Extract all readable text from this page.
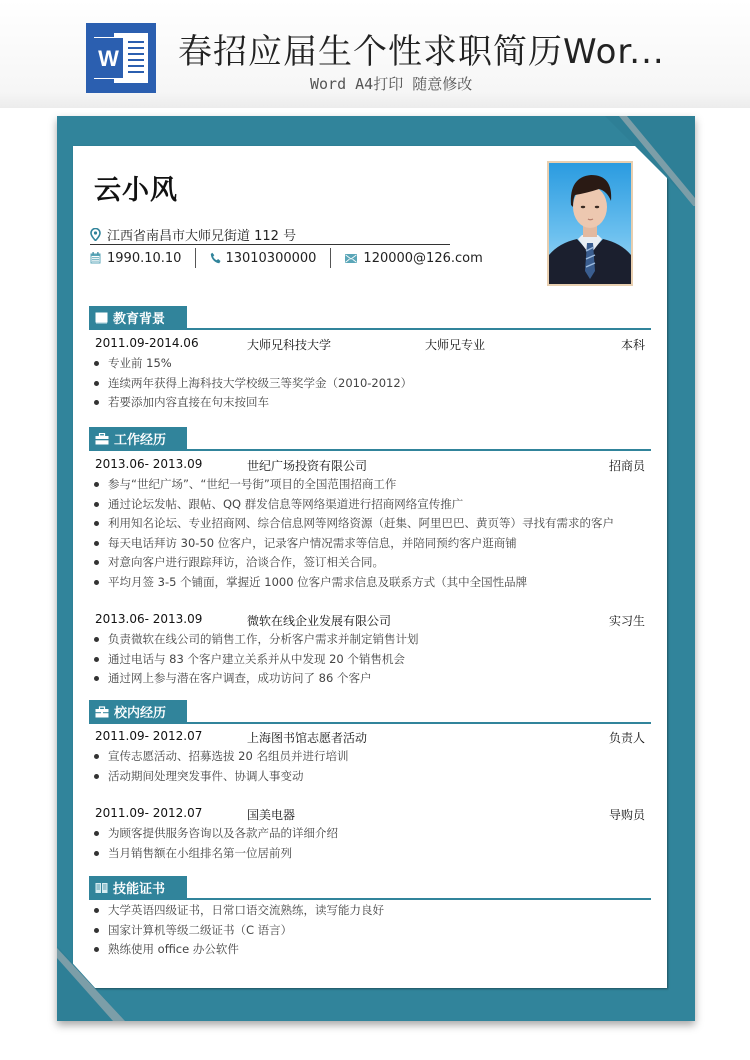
W 春招应届生个性求职简历Wor...
Word A4打印 随意修改
云小风
江西省南昌市大师兄街道 112 号
1990.10.10	13010300000	120000@126.com
教育背景
2011.09-2014.06	大师兄科技大学	大师兄专业	本科
专业前 15%
连续两年获得上海科技大学校级三等奖学金（2010-2012）
若要添加内容直接在句末按回车
工作经历
2013.06- 2013.09	世纪广场投资有限公司	招商员
参与“世纪广场”、“世纪一号街”项目的全国范围招商工作
通过论坛发帖、跟帖、QQ 群发信息等网络渠道进行招商网络宣传推广
利用知名论坛、专业招商网、综合信息网等网络资源（赶集、阿里巴巴、黄页等）寻找有需求的客户
每天电话拜访 30-50 位客户，记录客户情况需求等信息，并陪同预约客户逛商铺
对意向客户进行跟踪拜访，洽谈合作，签订相关合同。
平均月签 3-5 个铺面，掌握近 1000 位客户需求信息及联系方式（其中全国性品牌
2013.06- 2013.09	微软在线企业发展有限公司	实习生
负责微软在线公司的销售工作，分析客户需求并制定销售计划
通过电话与 83 个客户建立关系并从中发现 20 个销售机会
通过网上参与潜在客户调查，成功访问了 86 个客户
校内经历
2011.09- 2012.07	上海图书馆志愿者活动	负责人
宣传志愿活动、招募选拔 20 名组员并进行培训
活动期间处理突发事件、协调人事变动
2011.09- 2012.07	国美电器	导购员
为顾客提供服务咨询以及各款产品的详细介绍
当月销售额在小组排名第一位居前列
技能证书
大学英语四级证书，日常口语交流熟练，读写能力良好
国家计算机等级二级证书（C 语言）
熟练使用 office 办公软件
